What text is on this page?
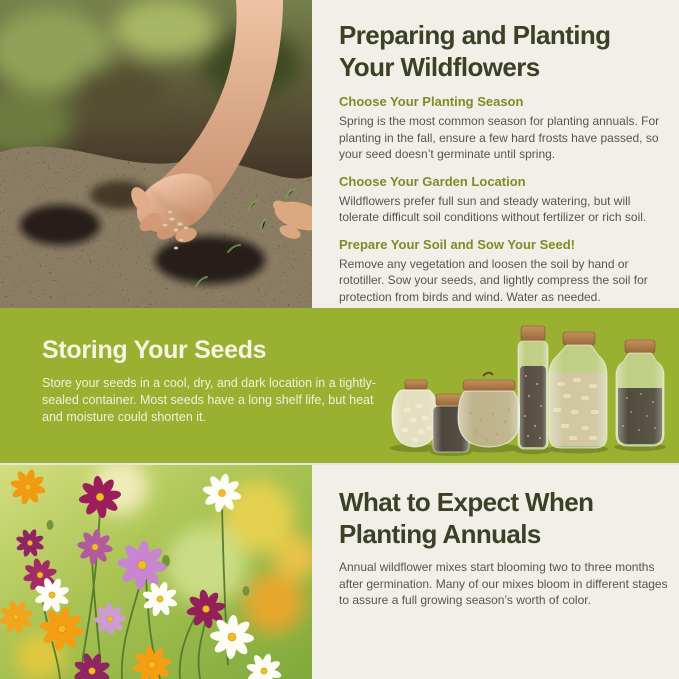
Preparing and Planting
Your Wildflowers
Choose Your Planting Season

Spring is the most common season for planting annuals. For planting in the fall, ensure a few hard frosts have passed, so your seed doesn’t germinate until spring.

Choose Your Garden Location

Wildflowers prefer full sun and steady watering, but will tolerate difficult soil conditions without fertilizer or rich soil.

Prepare Your Soil and Sow Your Seed!

Remove any vegetation and loosen the soil by hand or rototiller. Sow your seeds, and lightly compress the soil for protection from birds and wind. Water as needed.

Storing Your Seeds

Store your seeds in a cool, dry, and dark location in a tightly-sealed container. Most seeds have a long shelf life, but heat and moisture could shorten it.

What to Expect When
Planting Annuals

Annual wildflower mixes start blooming two to three months after germination. Many of our mixes bloom in different stages to assure a full growing season’s worth of color.
